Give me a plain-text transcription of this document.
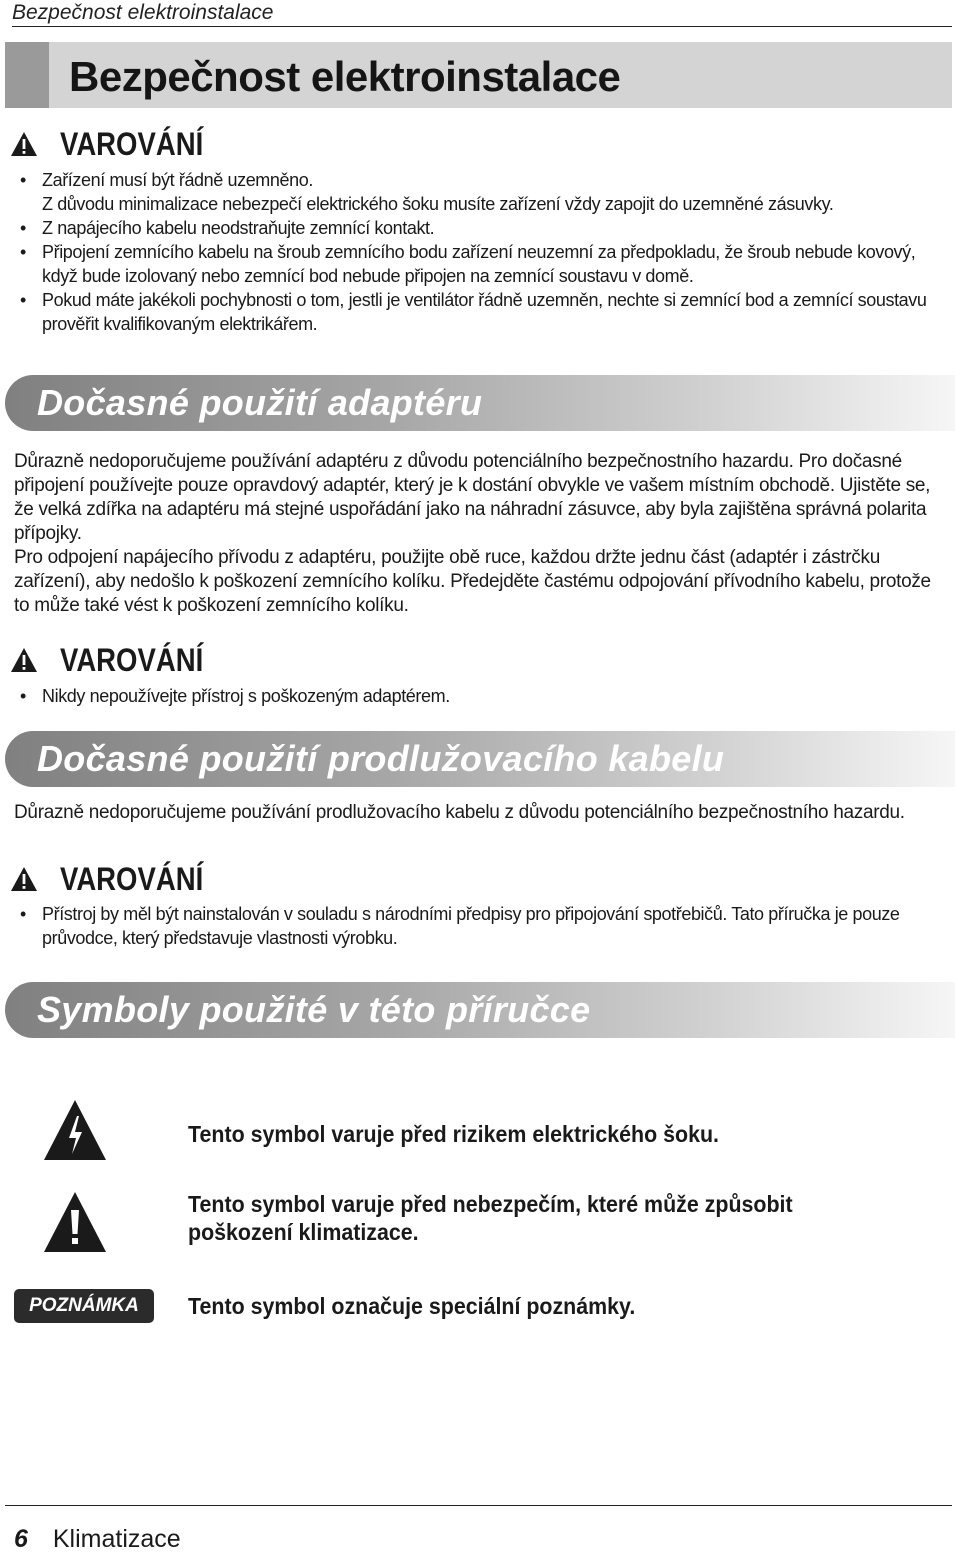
Bezpečnost elektroinstalace
Bezpečnost elektroinstalace
VAROVÁNÍ
• Zařízení musí být řádně uzemněno.
Z důvodu minimalizace nebezpečí elektrického šoku musíte zařízení vždy zapojit do uzemněné zásuvky.
• Z napájecího kabelu neodstraňujte zemnící kontakt.
• Připojení zemnícího kabelu na šroub zemnícího bodu zařízení neuzemní za předpokladu, že šroub nebude kovový, když bude izolovaný nebo zemnící bod nebude připojen na zemnící soustavu v domě.
• Pokud máte jakékoli pochybnosti o tom, jestli je ventilátor řádně uzemněn, nechte si zemnící bod a zemnící soustavu prověřit kvalifikovaným elektrikářem.
Dočasné použití adaptéru

Důrazně nedoporučujeme používání adaptéru z důvodu potenciálního bezpečnostního hazardu. Pro dočasné připojení používejte pouze opravdový adaptér, který je k dostání obvykle ve vašem místním obchodě. Ujistěte se, že velká zdířka na adaptéru má stejné uspořádání jako na náhradní zásuvce, aby byla zajištěna správná polarita přípojky.

Pro odpojení napájecího přívodu z adaptéru, použijte obě ruce, každou držte jednu část (adaptér i zástrčku zařízení), aby nedošlo k poškození zemnícího kolíku. Předejděte častému odpojování přívodního kabelu, protože to může také vést k poškození zemnícího kolíku.

VAROVÁNÍ
• Nikdy nepoužívejte přístroj s poškozeným adaptérem.
Dočasné použití prodlužovacího kabelu

Důrazně nedoporučujeme používání prodlužovacího kabelu z důvodu potenciálního bezpečnostního hazardu.

VAROVÁNÍ
• Přístroj by měl být nainstalován v souladu s národními předpisy pro připojování spotřebičů. Tato příručka je pouze průvodce, který představuje vlastnosti výrobku.
Symboly použité v této příručce
Tento symbol varuje před rizikem elektrického šoku.
Tento symbol varuje před nebezpečím, které může způsobit poškození klimatizace.
POZNÁMKA	Tento symbol označuje speciální poznámky.
6 Klimatizace
